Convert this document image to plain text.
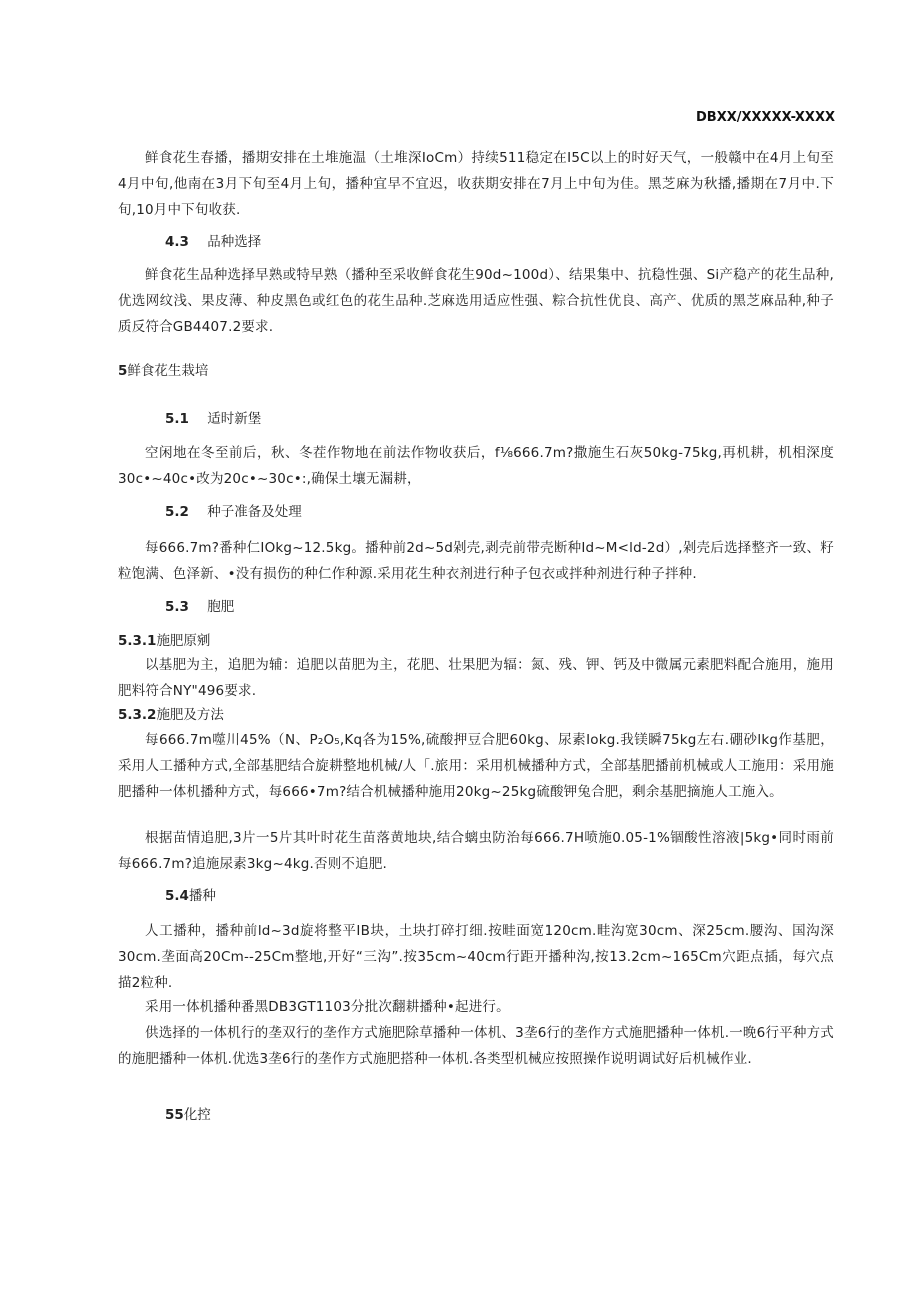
DBXX/XXXXX-XXXX
鲜食花生春播，播期安排在土堆施温（土堆深IoCm）持续511稳定在I5C以上的时好天气，一般赣中在4月上旬至4月中旬,他南在3月下旬至4月上旬，播种宜早不宜迟，收获期安排在7月上中旬为佳。黑芝麻为秋播,播期在7月中.下旬,10月中下旬收获.
4.3 品种选择
鲜食花生品种选择早熟或特早熟（播种至采收鲜食花生90d~100d）、结果集中、抗稳性强、Si产稳产的花生品种,优选网纹浅、果皮薄、种皮黑色或红色的花生品种.芝麻选用适应性强、粽合抗性优良、高产、优质的黑芝麻品种,种子质反符合GB4407.2要求.
5鲜食花生栽培
5.1 适时新堡
空闲地在冬至前后，秋、冬茬作物地在前法作物收获后，f⅛666.7m?撒施生石灰50kg-75kg,再机耕，机相深度30c•~40c•改为20c•~30c•:,确保土壤无漏耕，
5.2 种子准备及处理
每666.7m?番种仁IOkg~12.5kg。播种前2d~5d剁壳,剥壳前带壳断种Id~M<ld-2d）,剁壳后选择整齐一致、籽粒饱满、色泽新、•没有损伤的种仁作种源.采用花生种衣剂进行种子包衣或拌种剂进行种子拌种.
5.3 胞肥
5.3.1施肥原剜
以基肥为主，追肥为辅：追肥以苗肥为主，花肥、壮果肥为辐：氮、残、钾、钙及中微属元素肥料配合施用，施用肥料符合NY"496要求.
5.3.2施肥及方法
每666.7m噬川45%（N、P₂O₅,Kq各为15%,硫酸押豆合肥60kg、尿素Iokg.我镁瞬75kg左右.硼砂lkg作基肥，采用人工播种方式,全部基肥结合旋耕整地机械/人「.旅用：采用机械播种方式，全部基肥播前机械或人工施用：采用施肥播种一体机播种方式，每666•7m?结合机械播种施用20kg~25kg硫酸钾兔合肥，剩余基肥摘施人工施入。
根据苗情追肥,3片一5片其叶时花生苗落黄地块,结合螭虫防治每666.7H喷施0.05-1%锢酸性溶液|5kg•同时雨前每666.7m?追施尿素3kg~4kg.否则不追肥.
5.4播种
人工播种，播种前ld~3d旋将整平IB块，土块打碎打细.按畦面宽120cm.畦沟宽30cm、深25cm.腰沟、国沟深30cm.垄面高20Cm--25Cm整地,开好“三沟”.按35cm~40cm行距开播种沟,按13.2cm~165Cm穴距点插，每穴点描2粒种.
采用一体机播种番黑DB3GT1103分批次翻耕播种•起进行。
供选择的一体机行的垄双行的垄作方式施肥除草播种一体机、3垄6行的垄作方式施肥播种一体机.一晚6行平种方式的施肥播种一体机.优选3垄6行的垄作方式施肥搭种一体机.各类型机械应按照操作说明调试好后机械作业.
55化控
